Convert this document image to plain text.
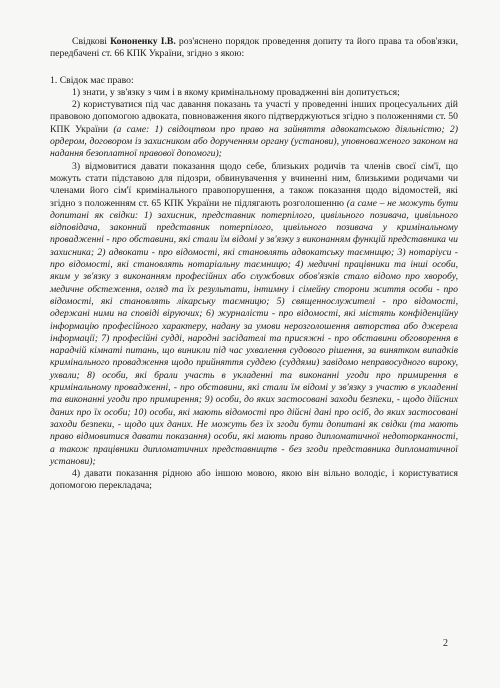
Свідкові Кононенку І.В. роз'яснено порядок проведення допиту та його права та обов'язки, передбачені ст. 66 КПК України, згідно з якою:

1. Свідок має право:

1) знати, у зв'язку з чим і в якому кримінальному провадженні він допитується;

2) користуватися під час давання показань та участі у проведенні інших процесуальних дій правовою допомогою адвоката, повноваження якого підтверджуються згідно з положеннями ст. 50 КПК України (а саме: 1) свідоцтвом про право на зайняття адвокатською діяльністю; 2) ордером, договором із захисником або дорученням органу (установи), уповноваженого законом на надання безоплатної правової допомоги);

3) відмовитися давати показання щодо себе, близьких родичів та членів своєї сім'ї, що можуть стати підставою для підозри, обвинувачення у вчиненні ним, близькими родичами чи членами його сім'ї кримінального правопорушення, а також показання щодо відомостей, які згідно з положенням ст. 65 КПК України не підлягають розголошенню (а саме – не можуть бути допитані як свідки: 1) захисник, представник потерпілого, цивільного позивача, цивільного відповідача, законний представник потерпілого, цивільного позивача у кримінальному провадженні - про обставини, які стали їм відомі у зв'язку з виконанням функцій представника чи захисника; 2) адвокати - про відомості, які становлять адвокатську таємницю; 3) нотаріуси - про відомості, які становлять нотаріальну таємницю; 4) медичні працівники та інші особи, яким у зв'язку з виконанням професійних або службових обов'язків стало відомо про хворобу, медичне обстеження, огляд та їх результати, інтимну і сімейну сторони життя особи - про відомості, які становлять лікарську таємницю; 5) священнослужителі - про відомості, одержані ними на сповіді віруючих; 6) журналісти - про відомості, які містять конфіденційну інформацію професійного характеру, надану за умови нерозголошення авторства або джерела інформації; 7) професійні судді, народні засідателі та присяжні - про обставини обговорення в нарадчій кімнаті питань, що виникли під час ухвалення судового рішення, за винятком випадків кримінального провадження щодо прийняття суддею (суддями) завідомо неправосудного вироку, ухвали; 8) особи, які брали участь в укладенні та виконанні угоди про примирення в кримінальному провадженні, - про обставини, які стали їм відомі у зв'язку з участю в укладенні та виконанні угоди про примирення; 9) особи, до яких застосовані заходи безпеки, - щодо дійсних даних про їх особи; 10) особи, які мають відомості про дійсні дані про осіб, до яких застосовані заходи безпеки, - щодо цих даних. Не можуть без їх згоди бути допитані як свідки (та мають право відмовитися давати показання) особи, які мають право дипломатичної недоторканності, а також працівники дипломатичних представництв - без згоди представника дипломатичної установи);

4) давати показання рідною або іншою мовою, якою він вільно володіє, і користуватися допомогою перекладача;

2
